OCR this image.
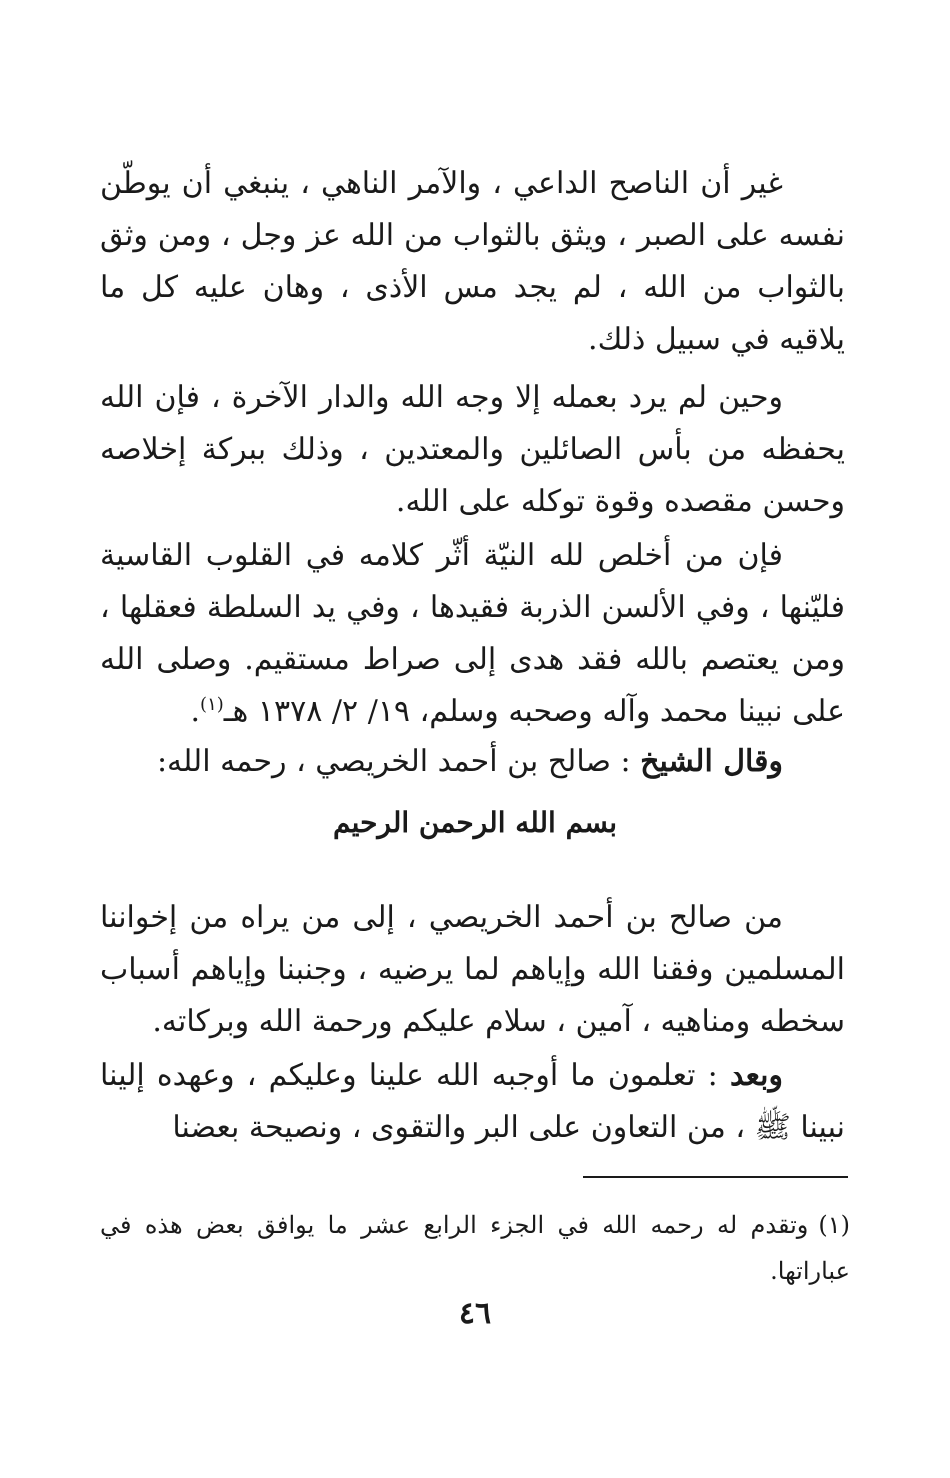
غير أن الناصح الداعي ، والآمر الناهي ، ينبغي أن يوطّن نفسه على الصبر ، ويثق بالثواب من الله عز وجل ، ومن وثق بالثواب من الله ، لم يجد مس الأذى ، وهان عليه كل ما يلاقيه في سبيل ذلك.

وحين لم يرد بعمله إلا وجه الله والدار الآخرة ، فإن الله يحفظه من بأس الصائلين والمعتدين ، وذلك ببركة إخلاصه وحسن مقصده وقوة توكله على الله.

فإن من أخلص لله النيّة أثّر كلامه في القلوب القاسية فليّنها ، وفي الألسن الذربة فقيدها ، وفي يد السلطة فعقلها ، ومن يعتصم بالله فقد هدى إلى صراط مستقيم. وصلى الله على نبينا محمد وآله وصحبه وسلم، ١٩/ ٢/ ١٣٧٨ هـ$^{(١)}$.

وقال الشيخ : صالح بن أحمد الخريصي ، رحمه الله:

بسم الله الرحمن الرحيم

من صالح بن أحمد الخريصي ، إلى من يراه من إخواننا المسلمين وفقنا الله وإياهم لما يرضيه ، وجنبنا وإياهم أسباب سخطه ومناهيه ، آمين ، سلام عليكم ورحمة الله وبركاته.

وبعد : تعلمون ما أوجبه الله علينا وعليكم ، وعهده إلينا نبينا ﷺ ، من التعاون على البر والتقوى ، ونصيحة بعضنا

(١)وتقدم له رحمه الله في الجزء الرابع عشر ما يوافق بعض هذه في عباراتها.
٤٦
